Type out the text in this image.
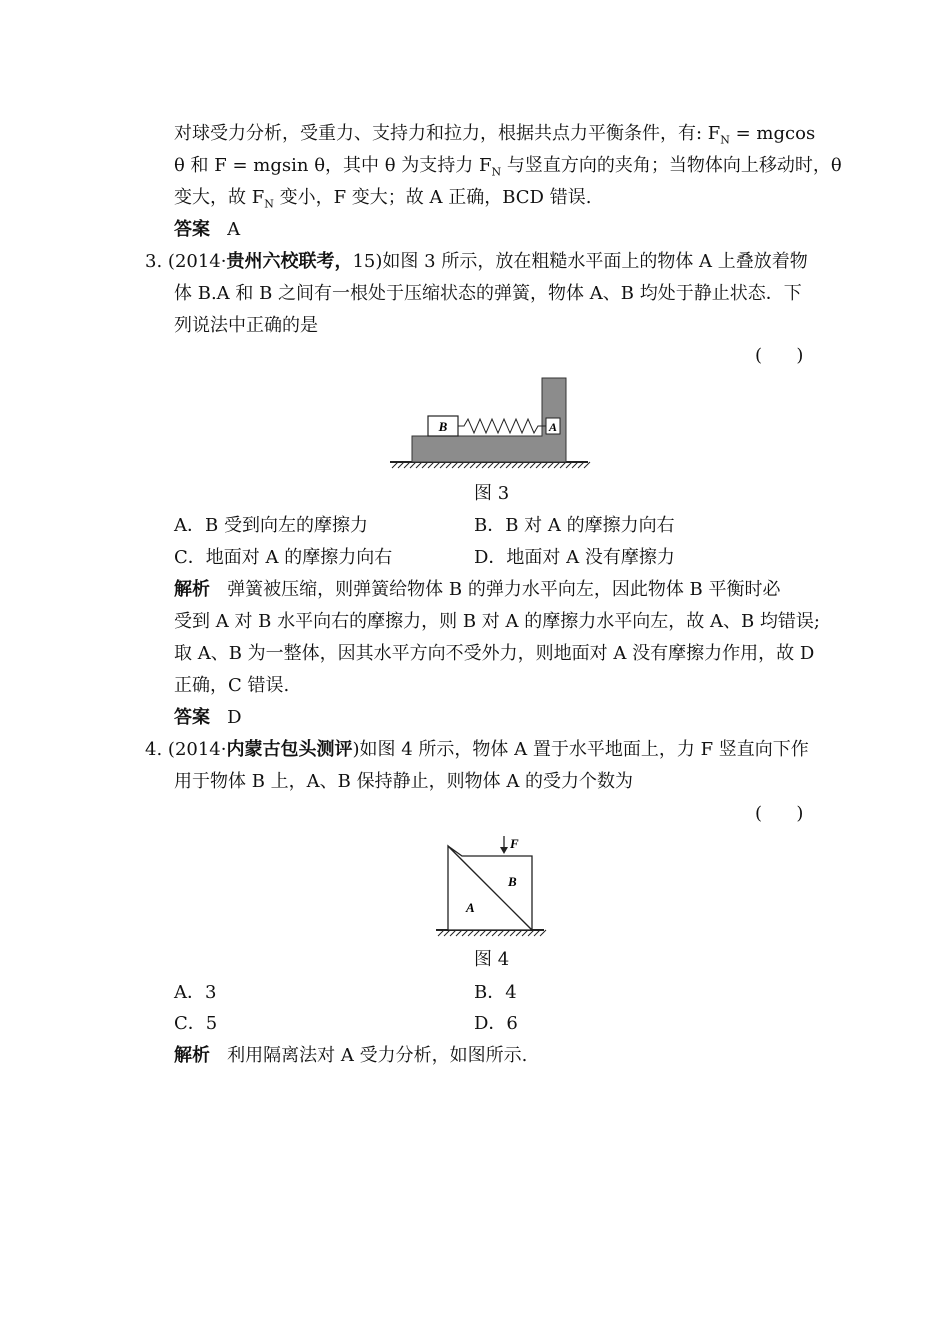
对球受力分析，受重力、支持力和拉力，根据共点力平衡条件，有: $F_N = mgcos$
θ 和 F = mgsin θ，其中 θ 为支持力 $F_N$ 与竖直方向的夹角；当物体向上移动时，θ
变大，故 $F_N$ 变小，F 变大；故 A 正确，BCD 错误.
答案 A
3. (2014·贵州六校联考，15)如图 3 所示，放在粗糙水平面上的物体 A 上叠放着物
体 B.A 和 B 之间有一根处于压缩状态的弹簧，物体 A、B 均处于静止状态．下
列说法中正确的是
(      )
B	A
图 3
A．B 受到向左的摩擦力	B．B 对 A 的摩擦力向右
C．地面对 A 的摩擦力向右	D．地面对 A 没有摩擦力
解析 弹簧被压缩，则弹簧给物体 B 的弹力水平向左，因此物体 B 平衡时必
受到 A 对 B 水平向右的摩擦力，则 B 对 A 的摩擦力水平向左，故 A、B 均错误;
取 A、B 为一整体，因其水平方向不受外力，则地面对 A 没有摩擦力作用，故 D
正确，C 错误.
答案 D
4. (2014·内蒙古包头测评)如图 4 所示，物体 A 置于水平地面上，力 F 竖直向下作
用于物体 B 上，A、B 保持静止，则物体 A 的受力个数为
(      )
F
B
A
图 4
A．3	B．4
C．5	D．6
解析 利用隔离法对 A 受力分析，如图所示.
